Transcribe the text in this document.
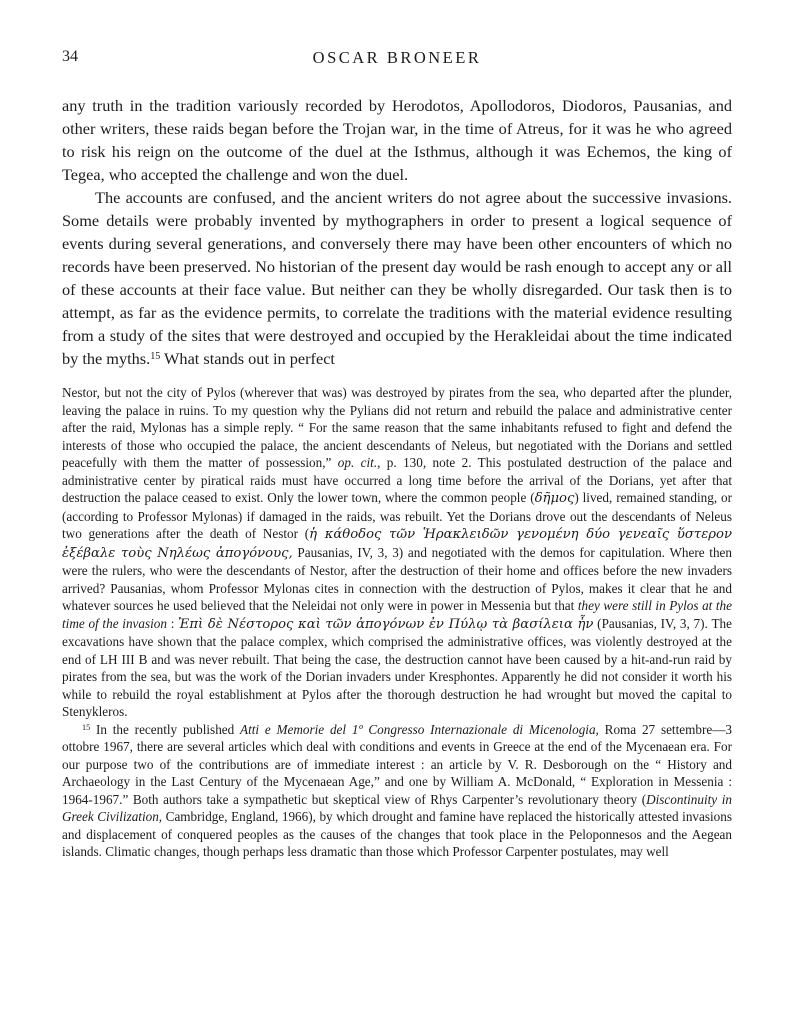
34	OSCAR BRONEER

any truth in the tradition variously recorded by Herodotos, Apollodoros, Diodoros, Pausanias, and other writers, these raids began before the Trojan war, in the time of Atreus, for it was he who agreed to risk his reign on the outcome of the duel at the Isthmus, although it was Echemos, the king of Tegea, who accepted the challenge and won the duel.

The accounts are confused, and the ancient writers do not agree about the successive invasions. Some details were probably invented by mythographers in order to present a logical sequence of events during several generations, and conversely there may have been other encounters of which no records have been preserved. No historian of the present day would be rash enough to accept any or all of these accounts at their face value. But neither can they be wholly disregarded. Our task then is to attempt, as far as the evidence permits, to correlate the traditions with the material evidence resulting from a study of the sites that were destroyed and occupied by the Herakleidai about the time indicated by the myths.$^{15}$ What stands out in perfect

Nestor, but not the city of Pylos (wherever that was) was destroyed by pirates from the sea, who departed after the plunder, leaving the palace in ruins. To my question why the Pylians did not return and rebuild the palace and administrative center after the raid, Mylonas has a simple reply. “ For the same reason that the same inhabitants refused to fight and defend the interests of those who occupied the palace, the ancient descendants of Neleus, but negotiated with the Dorians and settled peacefully with them the matter of possession,” op. cit., p. 130, note 2. This postulated destruction of the palace and administrative center by piratical raids must have occurred a long time before the arrival of the Dorians, yet after that destruction the palace ceased to exist. Only the lower town, where the common people (δῆμος) lived, remained standing, or (according to Professor Mylonas) if damaged in the raids, was rebuilt. Yet the Dorians drove out the descendants of Neleus two generations after the death of Nestor (ἡ κάθοδος τῶν Ἡρακλειδῶν γενομένη δύο γενεαῖς ὕστερον ἐξέβαλε τοὺς Νηλέως ἀπογόνους, Pausanias, IV, 3, 3) and negotiated with the demos for capitulation. Where then were the rulers, who were the descendants of Nestor, after the destruction of their home and offices before the new invaders arrived? Pausanias, whom Professor Mylonas cites in connection with the destruction of Pylos, makes it clear that he and whatever sources he used believed that the Neleidai not only were in power in Messenia but that they were still in Pylos at the time of the invasion : Ἐπὶ δὲ Νέστορος καὶ τῶν ἀπογόνων ἐν Πύλῳ τὰ βασίλεια ἦν (Pausanias, IV, 3, 7). The excavations have shown that the palace complex, which comprised the administrative offices, was violently destroyed at the end of LH III B and was never rebuilt. That being the case, the destruction cannot have been caused by a hit-and-run raid by pirates from the sea, but was the work of the Dorian invaders under Kresphontes. Apparently he did not consider it worth his while to rebuild the royal establishment at Pylos after the thorough destruction he had wrought but moved the capital to Stenykleros.

$^{15}$ In the recently published Atti e Memorie del 1º Congresso Internazionale di Micenologia, Roma 27 settembre—3 ottobre 1967, there are several articles which deal with conditions and events in Greece at the end of the Mycenaean era. For our purpose two of the contributions are of immediate interest : an article by V. R. Desborough on the “ History and Archaeology in the Last Century of the Mycenaean Age,” and one by William A. McDonald, “ Exploration in Messenia : 1964-1967.” Both authors take a sympathetic but skeptical view of Rhys Carpenter’s revolutionary theory (Discontinuity in Greek Civilization, Cambridge, England, 1966), by which drought and famine have replaced the historically attested invasions and displacement of conquered peoples as the causes of the changes that took place in the Peloponnesos and the Aegean islands. Climatic changes, though perhaps less dramatic than those which Professor Carpenter postulates, may well
